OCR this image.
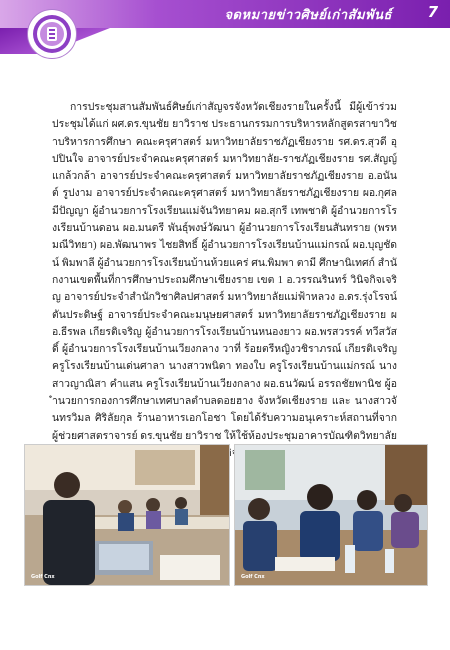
จดหมายข่าวศิษย์เก่าสัมพันธ์ 7
การประชุมสานสัมพันธ์ศิษย์เก่าสัญจรจังหวัดเชียงรายในครั้งนี้ มีผู้เข้าร่วมประชุมได้แก่ ผศ.ดร.ขุนชัย ยาวิราช ประธานกรรมการบริหารหลักสูตรสาขาวิชาบริหารการศึกษา คณะครุศาสตร์ มหาวิทยาลัยราชภัฏเชียงราย รศ.ดร.สุวดี อุปปินใจ อาจารย์ประจำคณะครุศาสตร์ มหาวิทยาลัย-ราชภัฏเชียงราย รศ.สัญญ์ แกล้วกล้า อาจารย์ประจำคณะครุศาสตร์ มหาวิทยาลัยราชภัฏเชียงราย อ.อนันต์ รูปงาม อาจารย์ประจำคณะครุศาสตร์ มหาวิทยาลัยราชภัฏเชียงราย ผอ.กุศล มีปัญญา ผู้อำนวยการโรงเรียนแม่จันวิทยาคม ผอ.สุกรี เทพชาติ ผู้อำนวยการโรงเรียนบ้านดอน ผอ.มนตรี พันธุ์พงษ์วัฒนา ผู้อำนวยการโรงเรียนสันทราย (พรหมณีวิทยา) ผอ.พัฒนาพร ไชยสิทธิ์ ผู้อำนวยการโรงเรียนบ้านแม่กรณ์ ผอ.บุญชัดน์ พิมพาลี ผู้อำนวยการโรงเรียนบ้านห้วยแคร่ ศน.พิมพา ตามี ศึกษานิเทศก์ สำนักงานเขตพื้นที่การศึกษาประถมศึกษาเชียงราย เขต 1 อ.วรรณรินทร์ วินิจกิจเจริญ อาจารย์ประจำสำนักวิชาศิลปศาสตร์ มหาวิทยาลัยแม่ฟ้าหลวง อ.ดร.รุ่งโรจน์ ตันประดิษฐ์ อาจารย์ประจำคณะมนุษยศาสตร์ มหาวิทยาลัยราชภัฏเชียงราย ผอ.ธีรพล เกียรติเจริญ ผู้อำนวยการโรงเรียนบ้านหนองยาว ผอ.พรสวรรค์ ทวีสวัสดิ์ ผู้อำนวยการโรงเรียนบ้านเวียงกลาง วาที่ ร้อยตรีหญิงวชิราภรณ์ เกียรติเจริญ ครูโรงเรียนบ้านเด่นศาลา นางสาวพนิดา ทองใบ ครูโรงเรียนบ้านแม่กรณ์ นางสาวญาณิสา คำแสน ครูโรงเรียนบ้านเวียงกลาง ผอ.ธนวัฒน์ อรรถชัยพานิช ผู้อำนวยการกองการศึกษาเทศบาลตำบลดอยฮาง จังหวัดเชียงราย และ นางสาวจันทรวิมล ศิริลัยกุล ร้านอาหารเอกโอชา โดยได้รับความอนุเคราะห์สถานที่จาก ผู้ช่วยศาสตราจารย์ ดร.ขุนชัย ยาวิราช ให้ใช้ห้องประชุมอาคารบัณฑิตวิทยาลัย
Golf Cnx	Golf Cnx
